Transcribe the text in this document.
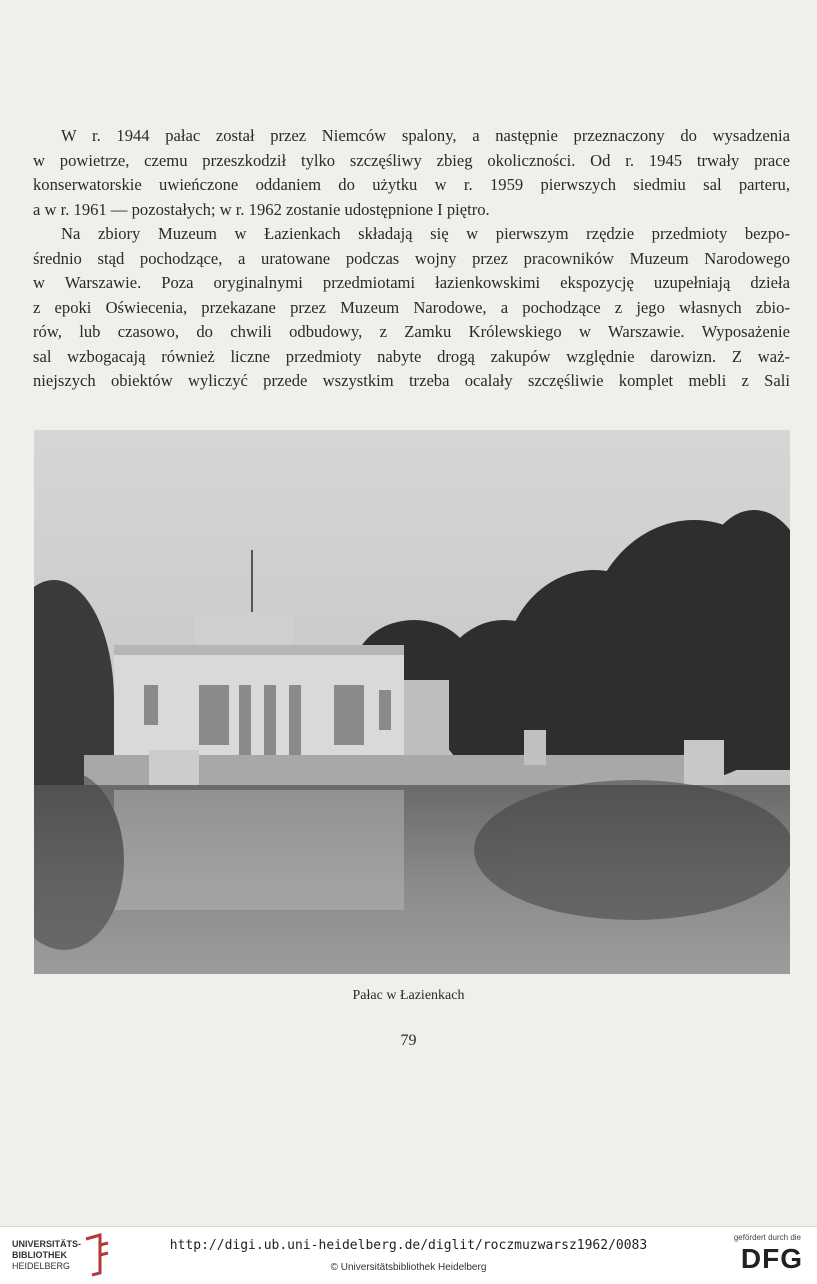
W r. 1944 pałac został przez Niemców spalony, a następnie przeznaczony do wysadzenia
w powietrze, czemu przeszkodził tylko szczęśliwy zbieg okoliczności. Od r. 1945 trwały prace
konserwatorskie uwieńczone oddaniem do użytku w r. 1959 pierwszych siedmiu sal parteru,
a w r. 1961 — pozostałych; w r. 1962 zostanie udostępnione I piętro.
Na zbiory Muzeum w Łazienkach składają się w pierwszym rzędzie przedmioty bezpo-
średnio stąd pochodzące, a uratowane podczas wojny przez pracowników Muzeum Narodowego
w Warszawie. Poza oryginalnymi przedmiotami łazienkowskimi ekspozycję uzupełniają dzieła
z epoki Oświecenia, przekazane przez Muzeum Narodowe, a pochodzące z jego własnych zbio-
rów, lub czasowo, do chwili odbudowy, z Zamku Królewskiego w Warszawie. Wyposażenie
sal wzbogacają również liczne przedmioty nabyte drogą zakupów względnie darowizn. Z waż-
niejszych obiektów wyliczyć przede wszystkim trzeba ocalały szczęśliwie komplet mebli z Sali
Pałac w Łazienkach
79
UNIVERSITÄTS-
BIBLIOTHEK
HEIDELBERG
http://digi.ub.uni-heidelberg.de/diglit/roczmuzwarsz1962/0083
© Universitätsbibliothek Heidelberg
gefördert durch die
DFG
